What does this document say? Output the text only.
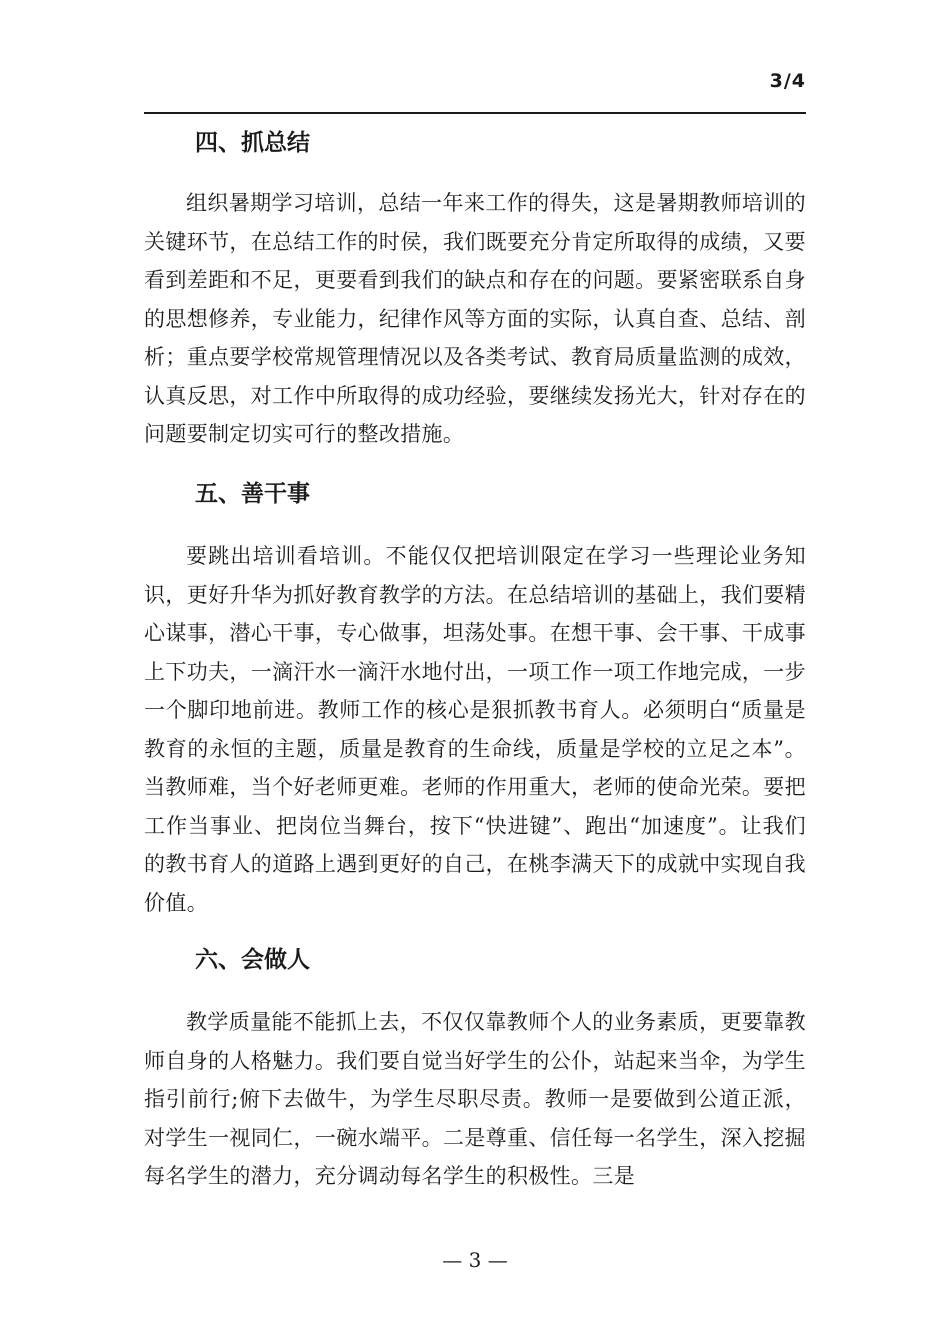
3/4
四、抓总结

组织暑期学习培训，总结一年来工作的得失，这是暑期教师培训的关键环节，在总结工作的时侯，我们既要充分肯定所取得的成绩，又要看到差距和不足，更要看到我们的缺点和存在的问题。要紧密联系自身的思想修养，专业能力，纪律作风等方面的实际，认真自查、总结、剖析；重点要学校常规管理情况以及各类考试、教育局质量监测的成效，认真反思，对工作中所取得的成功经验，要继续发扬光大，针对存在的问题要制定切实可行的整改措施。

五、善干事

要跳出培训看培训。不能仅仅把培训限定在学习一些理论业务知识，更好升华为抓好教育教学的方法。在总结培训的基础上，我们要精心谋事，潜心干事，专心做事，坦荡处事。在想干事、会干事、干成事上下功夫，一滴汗水一滴汗水地付出，一项工作一项工作地完成，一步一个脚印地前进。教师工作的核心是狠抓教书育人。必须明白“质量是教育的永恒的主题，质量是教育的生命线，质量是学校的立足之本”。当教师难，当个好老师更难。老师的作用重大，老师的使命光荣。要把工作当事业、把岗位当舞台，按下“快进键”、跑出“加速度”。让我们的教书育人的道路上遇到更好的自己，在桃李满天下的成就中实现自我价值。

六、会做人

教学质量能不能抓上去，不仅仅靠教师个人的业务素质，更要靠教师自身的人格魅力。我们要自觉当好学生的公仆，站起来当伞，为学生指引前行;俯下去做牛，为学生尽职尽责。教师一是要做到公道正派，对学生一视同仁，一碗水端平。二是尊重、信任每一名学生，深入挖掘每名学生的潜力，充分调动每名学生的积极性。三是

— 3 —
